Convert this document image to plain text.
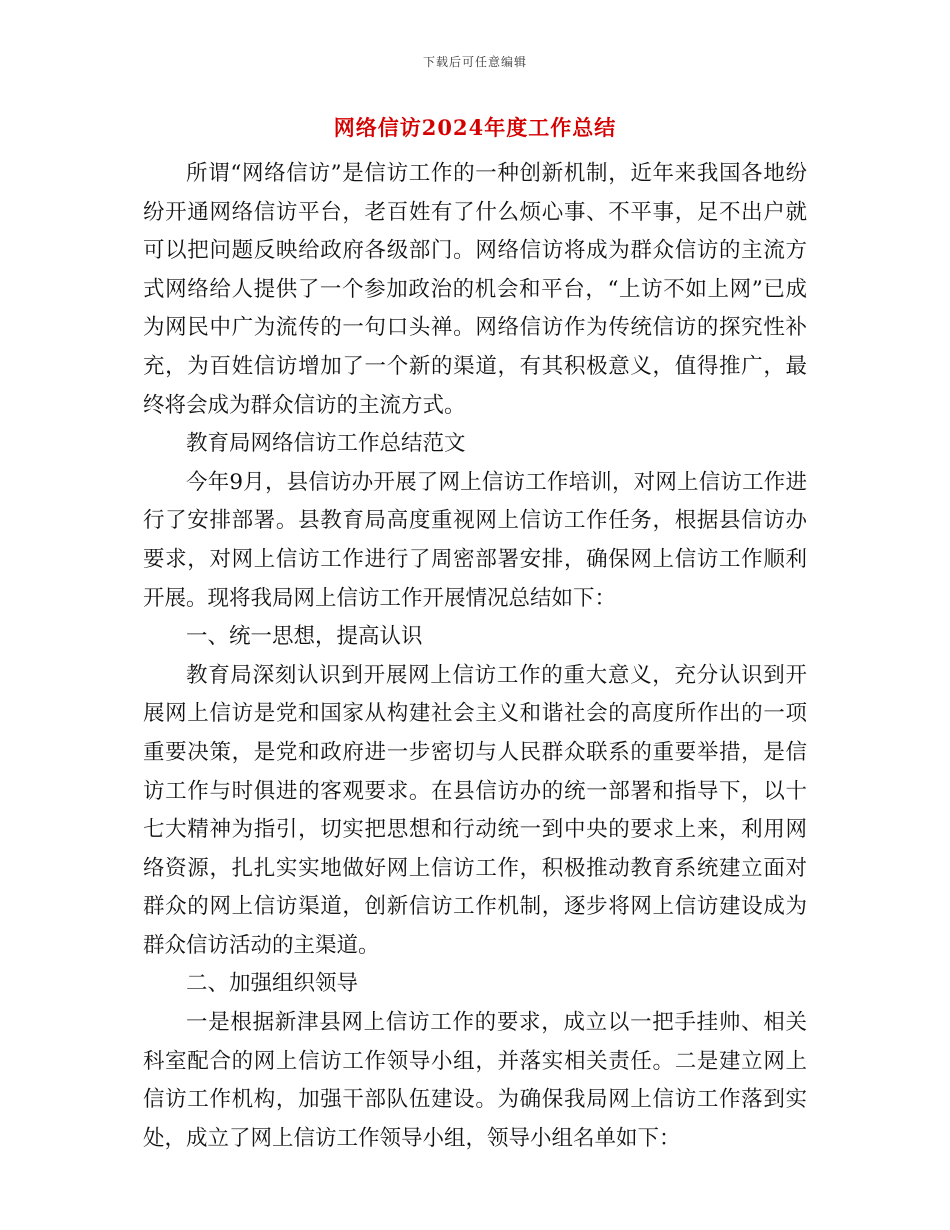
下载后可任意编辑
网络信访2024年度工作总结

所谓“网络信访”是信访工作的一种创新机制，近年来我国各地纷纷开通网络信访平台，老百姓有了什么烦心事、不平事，足不出户就可以把问题反映给政府各级部门。网络信访将成为群众信访的主流方式网络给人提供了一个参加政治的机会和平台，“上访不如上网”已成为网民中广为流传的一句口头禅。网络信访作为传统信访的探究性补充，为百姓信访增加了一个新的渠道，有其积极意义，值得推广，最终将会成为群众信访的主流方式。

教育局网络信访工作总结范文

今年9月，县信访办开展了网上信访工作培训，对网上信访工作进行了安排部署。县教育局高度重视网上信访工作任务，根据县信访办要求，对网上信访工作进行了周密部署安排，确保网上信访工作顺利开展。现将我局网上信访工作开展情况总结如下：

一、统一思想，提高认识

教育局深刻认识到开展网上信访工作的重大意义，充分认识到开展网上信访是党和国家从构建社会主义和谐社会的高度所作出的一项重要决策，是党和政府进一步密切与人民群众联系的重要举措，是信访工作与时俱进的客观要求。在县信访办的统一部署和指导下，以十七大精神为指引，切实把思想和行动统一到中央的要求上来，利用网络资源，扎扎实实地做好网上信访工作，积极推动教育系统建立面对群众的网上信访渠道，创新信访工作机制，逐步将网上信访建设成为群众信访活动的主渠道。

二、加强组织领导

一是根据新津县网上信访工作的要求，成立以一把手挂帅、相关科室配合的网上信访工作领导小组，并落实相关责任。二是建立网上信访工作机构，加强干部队伍建设。为确保我局网上信访工作落到实处，成立了网上信访工作领导小组，领导小组名单如下：
